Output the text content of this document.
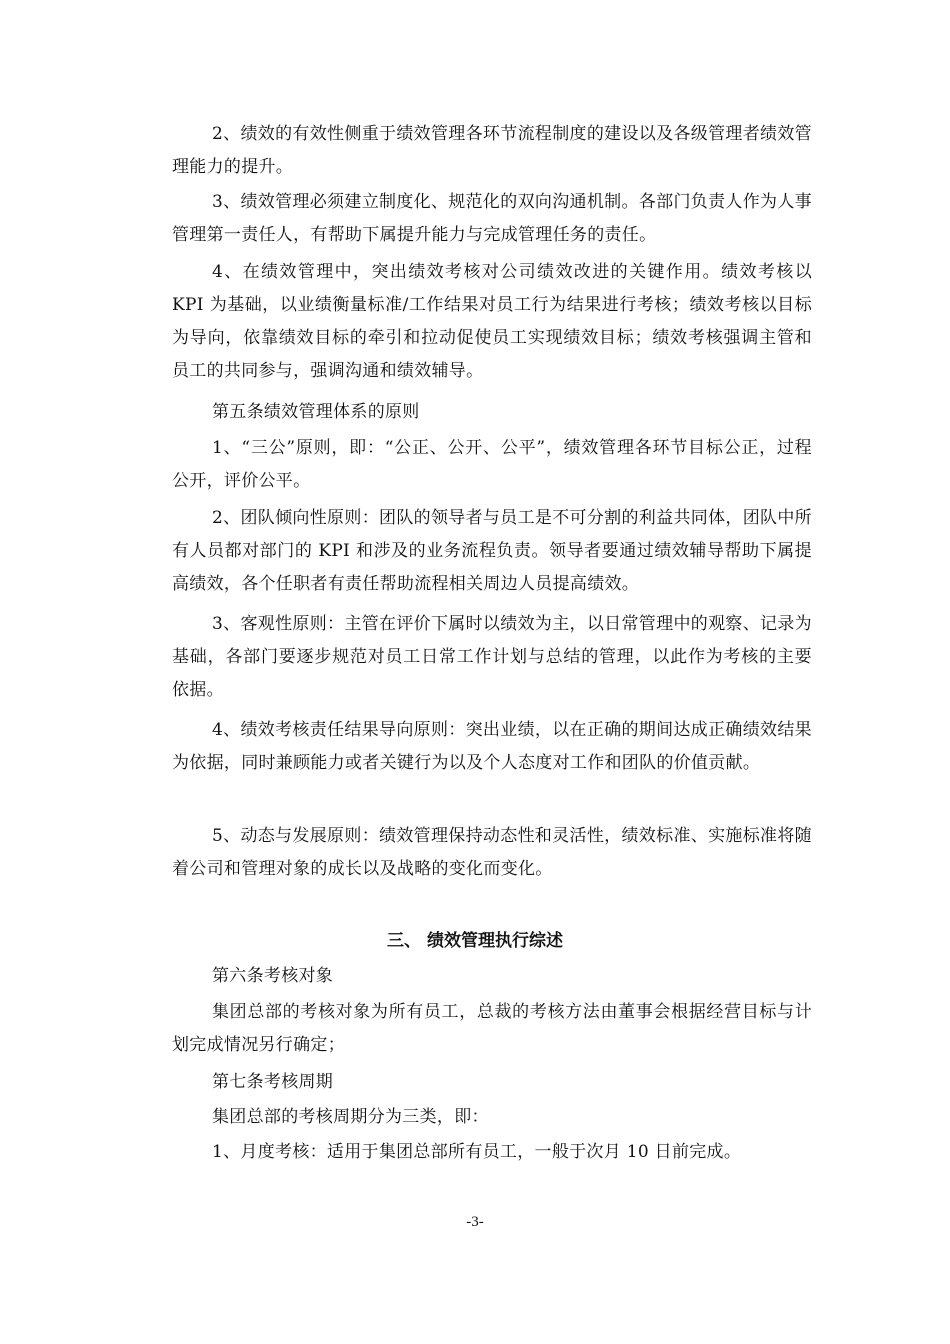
2、绩效的有效性侧重于绩效管理各环节流程制度的建设以及各级管理者绩效管理能力的提升。

3、绩效管理必须建立制度化、规范化的双向沟通机制。各部门负责人作为人事管理第一责任人，有帮助下属提升能力与完成管理任务的责任。

4、在绩效管理中，突出绩效考核对公司绩效改进的关键作用。绩效考核以 KPI 为基础，以业绩衡量标准/工作结果对员工行为结果进行考核；绩效考核以目标为导向，依靠绩效目标的牵引和拉动促使员工实现绩效目标；绩效考核强调主管和员工的共同参与，强调沟通和绩效辅导。

第五条绩效管理体系的原则

1、“三公”原则，即：“公正、公开、公平”，绩效管理各环节目标公正，过程公开，评价公平。

2、团队倾向性原则：团队的领导者与员工是不可分割的利益共同体，团队中所有人员都对部门的 KPI 和涉及的业务流程负责。领导者要通过绩效辅导帮助下属提高绩效，各个任职者有责任帮助流程相关周边人员提高绩效。

3、客观性原则：主管在评价下属时以绩效为主，以日常管理中的观察、记录为基础，各部门要逐步规范对员工日常工作计划与总结的管理，以此作为考核的主要依据。

4、绩效考核责任结果导向原则：突出业绩，以在正确的期间达成正确绩效结果为依据，同时兼顾能力或者关键行为以及个人态度对工作和团队的价值贡献。

5、动态与发展原则：绩效管理保持动态性和灵活性，绩效标准、实施标准将随着公司和管理对象的成长以及战略的变化而变化。

三、 绩效管理执行综述

第六条考核对象

集团总部的考核对象为所有员工，总裁的考核方法由董事会根据经营目标与计划完成情况另行确定；

第七条考核周期

集团总部的考核周期分为三类，即：

1、月度考核：适用于集团总部所有员工，一般于次月 10 日前完成。

-3-
